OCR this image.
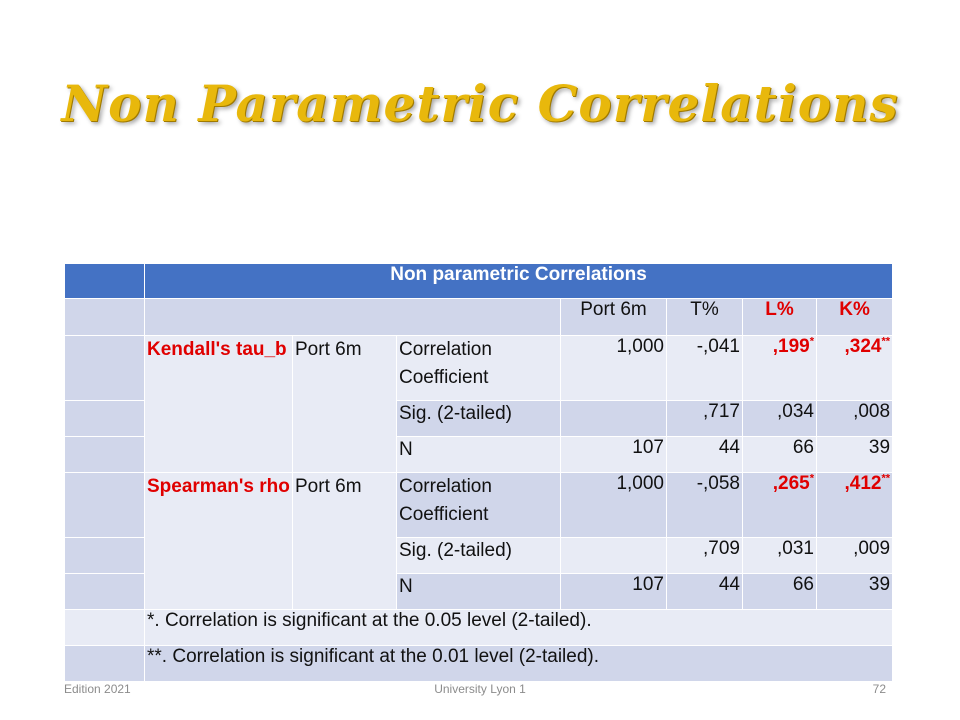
Non Parametric Correlations
	Non parametric Correlations						
				Port 6m	T%	L%	K%
	Kendall's tau_b	Port 6m	Correlation Coefficient	1,000	-,041	,199*	,324**
			Sig. (2-tailed)		,717	,034	,008
			N	107	44	66	39
	Spearman's rho	Port 6m	Correlation Coefficient	1,000	-,058	,265*	,412**
			Sig. (2-tailed)		,709	,031	,009
			N	107	44	66	39
	*. Correlation is significant at the 0.05 level (2-tailed).						
	**. Correlation is significant at the 0.01 level (2-tailed).						
Edition 2021	University Lyon 1	72
